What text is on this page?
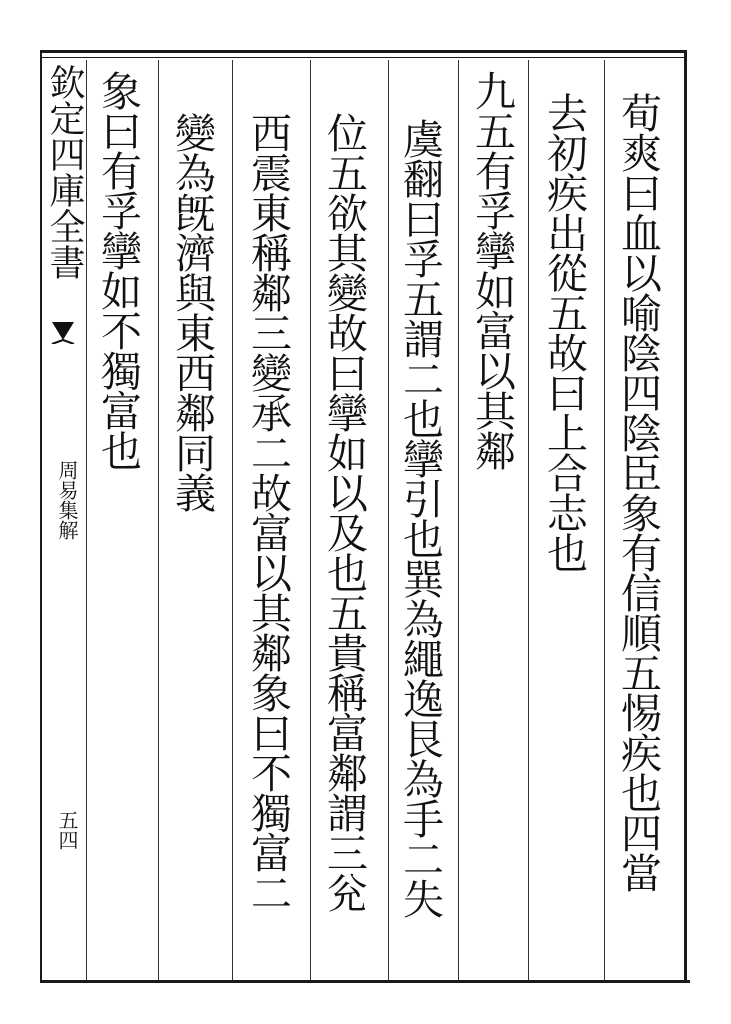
荀爽曰血以喻陰四陰臣象有信順五惕疾也四當
去初疾出從五故曰上合志也
九五有孚攣如富以其鄰
虞翻曰孚五謂二也攣引也巽為繩逸艮為手二失
位五欲其變故曰攣如以及也五貴稱富鄰謂三兊
西震東稱鄰三變承二故富以其鄰象曰不獨富二
變為旣濟與東西鄰同義
象曰有孚攣如不獨富也
欽定四庫全書
周易集解
五四
